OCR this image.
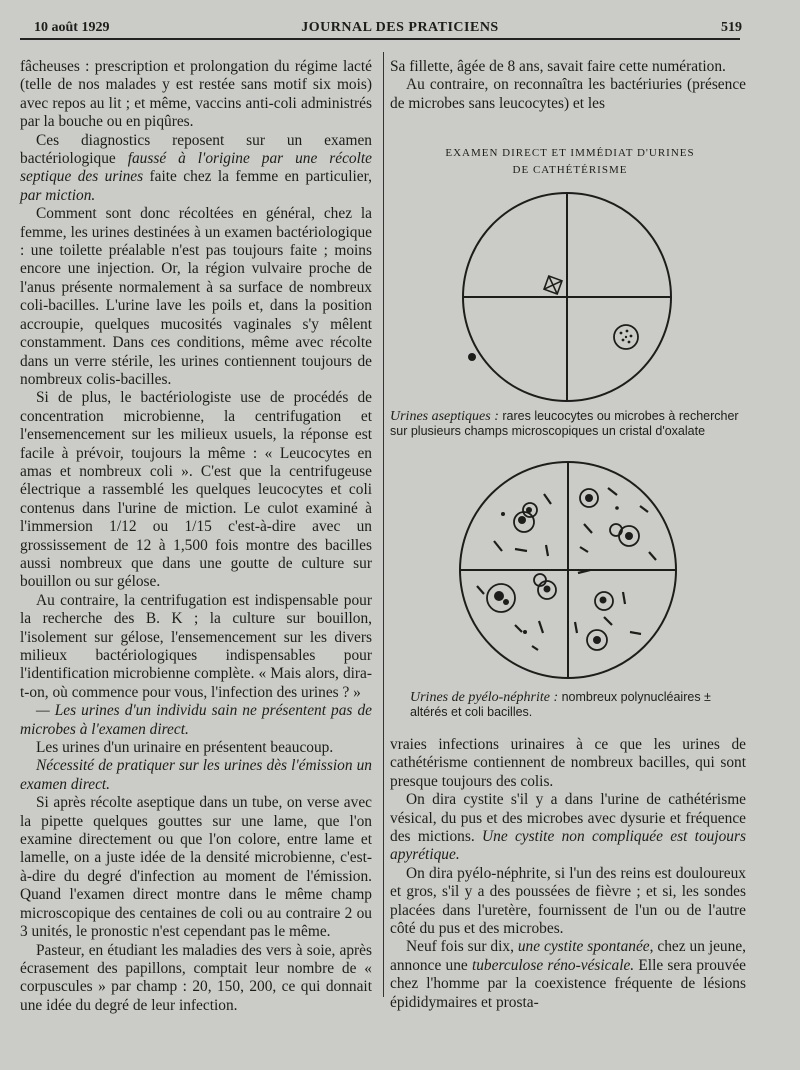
10 août 1929	JOURNAL DES PRATICIENS	519

fâcheuses : prescription et prolongation du régime lacté (telle de nos malades y est restée sans motif six mois) avec repos au lit ; et même, vaccins anti-coli administrés par la bouche ou en piqûres.

Ces diagnostics reposent sur un examen bactériologique faussé à l'origine par une récolte septique des urines faite chez la femme en particulier, par miction.

Comment sont donc récoltées en général, chez la femme, les urines destinées à un examen bactériologique : une toilette préalable n'est pas toujours faite ; moins encore une injection. Or, la région vulvaire proche de l'anus présente normalement à sa surface de nombreux coli-bacilles. L'urine lave les poils et, dans la position accroupie, quelques mucosités vaginales s'y mêlent constamment. Dans ces conditions, même avec récolte dans un verre stérile, les urines contiennent toujours de nombreux colis-bacilles.

Si de plus, le bactériologiste use de procédés de concentration microbienne, la centrifugation et l'ensemencement sur les milieux usuels, la réponse est facile à prévoir, toujours la même : « Leucocytes en amas et nombreux coli ». C'est que la centrifugeuse électrique a rassemblé les quelques leucocytes et coli contenus dans l'urine de miction. Le culot examiné à l'immersion 1/12 ou 1/15 c'est-à-dire avec un grossissement de 12 à 1,500 fois montre des bacilles aussi nombreux que dans une goutte de culture sur bouillon ou sur gélose.

Au contraire, la centrifugation est indispensable pour la recherche des B. K ; la culture sur bouillon, l'isolement sur gélose, l'ensemencement sur les divers milieux bactériologiques indispensables pour l'identification microbienne complète. « Mais alors, dira-t-on, où commence pour vous, l'infection des urines ? »

— Les urines d'un individu sain ne présentent pas de microbes à l'examen direct.

Les urines d'un urinaire en présentent beaucoup.

Nécessité de pratiquer sur les urines dès l'émission un examen direct.

Si après récolte aseptique dans un tube, on verse avec la pipette quelques gouttes sur une lame, que l'on examine directement ou que l'on colore, entre lame et lamelle, on a juste idée de la densité microbienne, c'est-à-dire du degré d'infection au moment de l'émission. Quand l'examen direct montre dans le même champ microscopique des centaines de coli ou au contraire 2 ou 3 unités, le pronostic n'est cependant pas le même.

Pasteur, en étudiant les maladies des vers à soie, après écrasement des papillons, comptait leur nombre de « corpuscules » par champ : 20, 150, 200, ce qui donnait une idée du degré de leur infection.

Sa fillette, âgée de 8 ans, savait faire cette numération.

Au contraire, on reconnaîtra les bactériuries (présence de microbes sans leucocytes) et les

EXAMEN DIRECT ET IMMÉDIAT D'URINES
DE CATHÉTÉRISME
Urines aseptiques : rares leucocytes ou microbes à rechercher sur plusieurs champs microscopiques un cristal d'oxalate
Urines de pyélo-néphrite : nombreux polynucléaires ± altérés et coli bacilles.

vraies infections urinaires à ce que les urines de cathétérisme contiennent de nombreux bacilles, qui sont presque toujours des colis.

On dira cystite s'il y a dans l'urine de cathétérisme vésical, du pus et des microbes avec dysurie et fréquence des mictions. Une cystite non compliquée est toujours apyrétique.

On dira pyélo-néphrite, si l'un des reins est douloureux et gros, s'il y a des poussées de fièvre ; et si, les sondes placées dans l'uretère, fournissent de l'un ou de l'autre côté du pus et des microbes.

Neuf fois sur dix, une cystite spontanée, chez un jeune, annonce une tuberculose réno-vésicale. Elle sera prouvée chez l'homme par la coexistence fréquente de lésions épididymaires et prosta-
